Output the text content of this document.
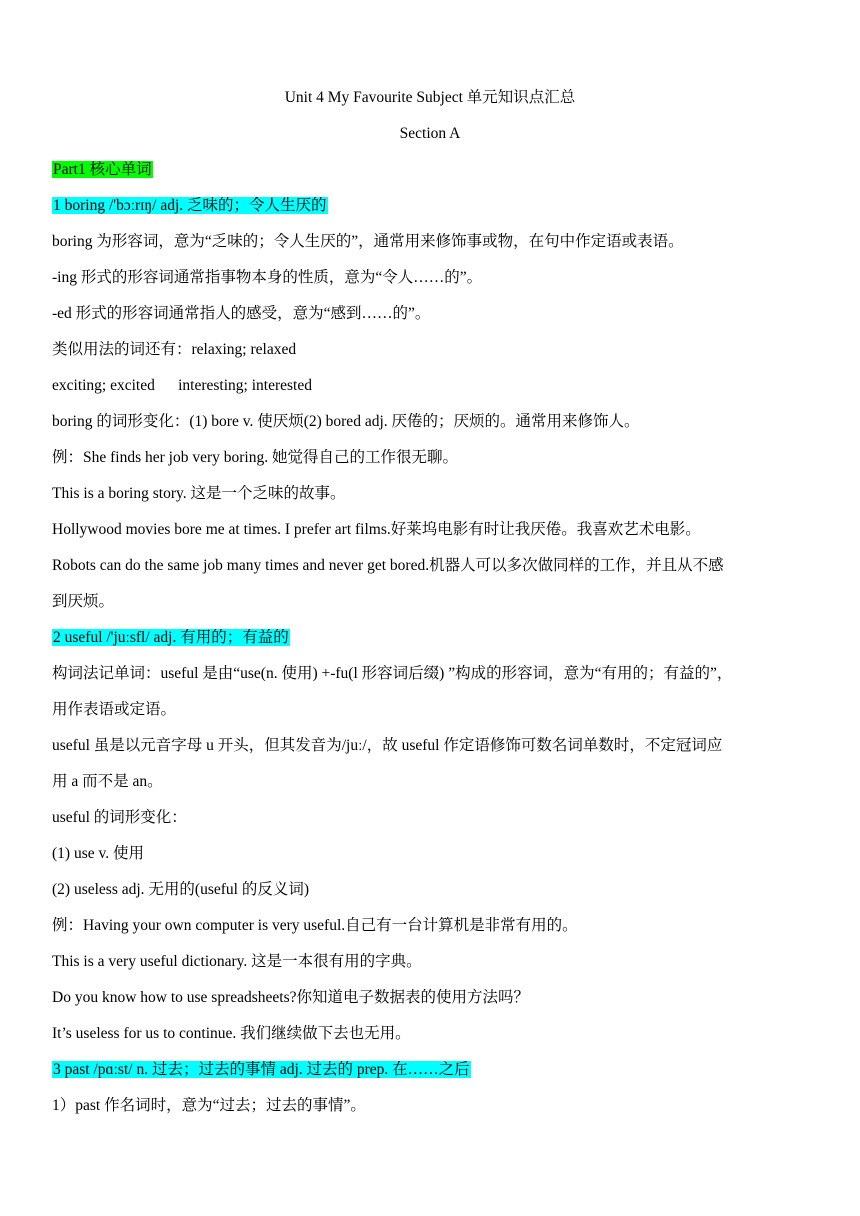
Unit 4 My Favourite Subject 单元知识点汇总
Section A
Part1 核心单词
1 boring /'bɔːrɪŋ/ adj. 乏味的；令人生厌的
boring 为形容词，意为“乏味的；令人生厌的”，通常用来修饰事或物，在句中作定语或表语。
-ing 形式的形容词通常指事物本身的性质，意为“令人……的”。
-ed 形式的形容词通常指人的感受，意为“感到……的”。
类似用法的词还有：relaxing; relaxed
exciting; excited      interesting; interested
boring 的词形变化：(1) bore v. 使厌烦(2) bored adj. 厌倦的；厌烦的。通常用来修饰人。
例：She finds her job very boring. 她觉得自己的工作很无聊。
This is a boring story. 这是一个乏味的故事。
Hollywood movies bore me at times. I prefer art films.好莱坞电影有时让我厌倦。我喜欢艺术电影。
Robots can do the same job many times and never get bored.机器人可以多次做同样的工作，并且从不感
到厌烦。
2 useful /'juːsfl/ adj. 有用的；有益的
构词法记单词：useful 是由“use(n. 使用) +-fu(l 形容词后缀) ”构成的形容词，意为“有用的；有益的”，
用作表语或定语。
useful 虽是以元音字母 u 开头，但其发音为/juː/，故 useful 作定语修饰可数名词单数时，不定冠词应
用 a 而不是 an。
useful 的词形变化：
(1) use v. 使用
(2) useless adj. 无用的(useful 的反义词)
例：Having your own computer is very useful.自己有一台计算机是非常有用的。
This is a very useful dictionary. 这是一本很有用的字典。
Do you know how to use spreadsheets?你知道电子数据表的使用方法吗？
It’s useless for us to continue. 我们继续做下去也无用。
3 past /pɑːst/ n. 过去；过去的事情 adj. 过去的 prep. 在……之后
1）past 作名词时，意为“过去；过去的事情”。
